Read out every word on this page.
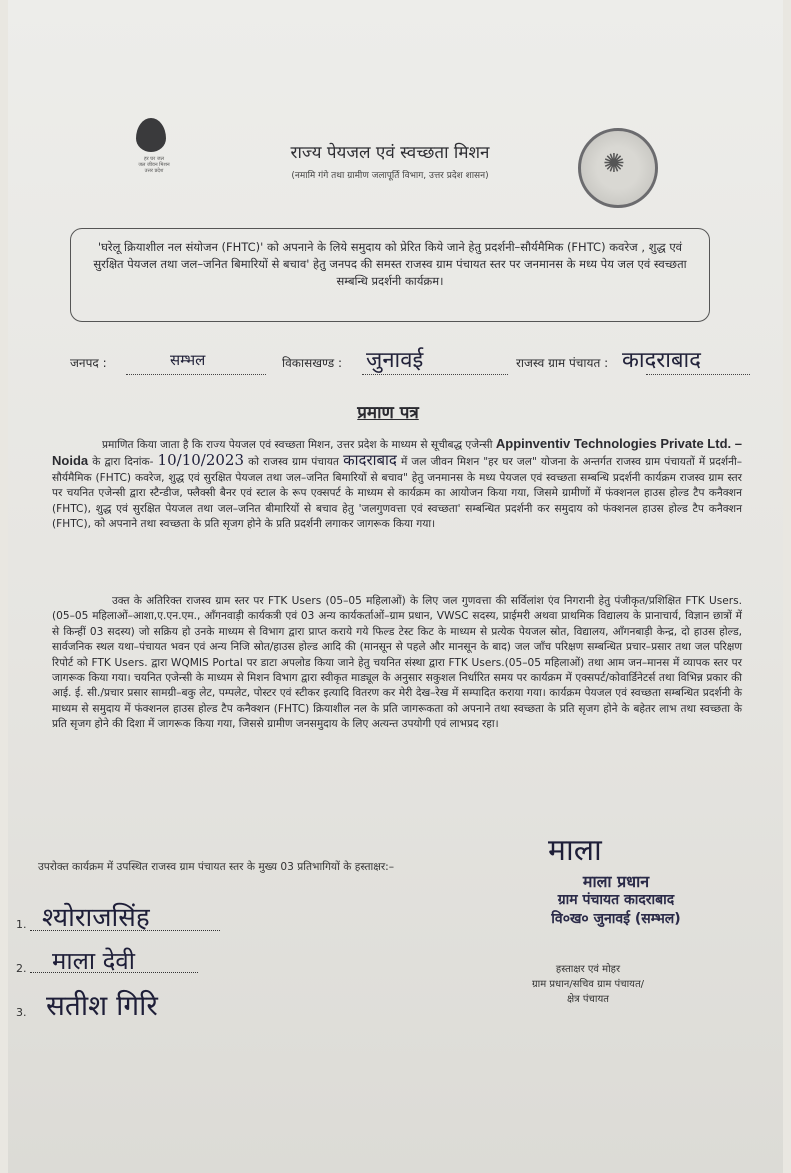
हर घर जल
जल जीवन मिशन
उत्तर प्रदेश
राज्य पेयजल एवं स्वच्छता मिशन
(नमामि गंगे तथा ग्रामीण जलापूर्ति विभाग, उत्तर प्रदेश शासन)	✺
'घरेलू क्रियाशील नल संयोजन (FHTC)' को अपनाने के लिये समुदाय को प्रेरित किये जाने हेतु प्रदर्शनी–सौर्यमैमिक (FHTC) कवरेज , शुद्ध एवं सुरक्षित पेयजल तथा जल–जनित बिमारियों से बचाव' हेतु जनपद की समस्त राजस्व ग्राम पंचायत स्तर पर जनमानस के मध्य पेय जल एवं स्वच्छता सम्बन्धि प्रदर्शनी कार्यक्रम।
जनपद :	सम्भल	विकासखण्ड : जुनावई	राजस्व ग्राम पंचायत : कादराबाद
प्रमाण पत्र
प्रमाणित किया जाता है कि राज्य पेयजल एवं स्वच्छता मिशन, उत्तर प्रदेश के माध्यम से सूचीबद्ध एजेन्सी Appinventiv Technologies Private Ltd. – Noida के द्वारा दिनांक- 10/10/2023 को राजस्व ग्राम पंचायत कादराबाद में जल जीवन मिशन "हर घर जल" योजना के अन्तर्गत राजस्व ग्राम पंचायतों में प्रदर्शनी–सौर्यमैमिक (FHTC) कवरेज, शुद्ध एवं सुरक्षित पेयजल तथा जल–जनित बिमारियों से बचाव" हेतु जनमानस के मध्य पेयजल एवं स्वच्छता सम्बन्धि प्रदर्शनी कार्यक्रम राजस्व ग्राम स्तर पर चयनित एजेन्सी द्वारा स्टैन्डीज, फ्लैक्सी बैनर एवं स्टाल के रूप एक्सपर्ट के माध्यम से कार्यक्रम का आयोजन किया गया, जिसमे ग्रामीणों में फंक्शनल हाउस होल्ड टैप कनैक्शन (FHTC), शुद्ध एवं सुरक्षित पेयजल तथा जल–जनित बीमारियों से बचाव हेतु 'जलगुणवत्ता एवं स्वच्छता' सम्बन्धित प्रदर्शनी कर समुदाय को फंक्शनल हाउस होल्ड टैप कनैक्शन (FHTC), को अपनाने तथा स्वच्छता के प्रति सृजग होने के प्रति प्रदर्शनी लगाकर जागरूक किया गया।
उक्त के अतिरिक्त राजस्व ग्राम स्तर पर FTK Users (05–05 महिलाओं) के लिए जल गुणवत्ता की सर्विलांश एंव निगरानी हेतु पंजीकृत/प्रशिक्षित FTK Users.(05–05 महिलाओं–आशा,ए.एन.एम., आँगनवाड़ी कार्यकत्री एवं 03 अन्य कार्यकर्ताओं–ग्राम प्रधान, VWSC सदस्य, प्राईमरी अथवा प्राथमिक विद्यालय के प्रानाचार्य, विज्ञान छात्रों में से किन्हीं 03 सदस्य) जो सक्रिय हो उनके माध्यम से विभाग द्वारा प्राप्त कराये गये फिल्ड टेस्ट किट के माध्यम से प्रत्येक पेयजल स्रोत, विद्यालय, आँगनबाड़ी केन्द्र, दो हाउस होल्ड, सार्वजनिक स्थल यथा–पंचायत भवन एवं अन्य निजि स्रोत/हाउस होल्ड आदि की (मानसून से पहले और मानसून के बाद) जल जाँच परिक्षण सम्बन्धित प्रचार–प्रसार तथा जल परिक्षण रिपोर्ट को FTK Users. द्वारा WQMIS Portal पर डाटा अपलोड किया जाने हेतु चयनित संस्था द्वारा FTK Users.(05–05 महिलाओं) तथा आम जन–मानस में व्यापक स्तर पर जागरूक किया गया। चयनित एजेन्सी के माध्यम से मिशन विभाग द्वारा स्वीकृत माड्यूल के अनुसार सकुशल निर्धारित समय पर कार्यक्रम में एक्सपर्ट/कोवार्डिनेटर्स तथा विभिन्न प्रकार की आई. ई. सी./प्रचार प्रसार सामग्री–बकु लेट, पम्पलेट, पोस्टर एवं स्टीकर इत्यादि वितरण कर मेरी देख–रेख में सम्पादित कराया गया। कार्यक्रम पेयजल एवं स्वच्छता सम्बन्धित प्रदर्शनी के माध्यम से समुदाय में फंक्शनल हाउस होल्ड टैप कनैक्शन (FHTC) क्रियाशील नल के प्रति जागरूकता को अपनाने तथा स्वच्छता के प्रति सृजग होने के बहेतर लाभ तथा स्वच्छता के प्रति सृजग होने की दिशा में जागरूक किया गया, जिससे ग्रामीण जनसमुदाय के लिए अत्यन्त उपयोगी एवं लाभप्रद रहा।
उपरोक्त कार्यक्रम में उपस्थित राजस्व ग्राम पंचायत स्तर के मुख्य 03 प्रतिभागियों के हस्ताक्षर:–
1. श्योराजसिंह
2. माला देवी
3. सतीश गिरि
माला
माला प्रधान
ग्राम पंचायत कादराबाद
वि०ख० जुनावई (सम्भल)
हस्ताक्षर एवं मोहर
ग्राम प्रधान/सचिव ग्राम पंचायत/
क्षेत्र पंचायत
